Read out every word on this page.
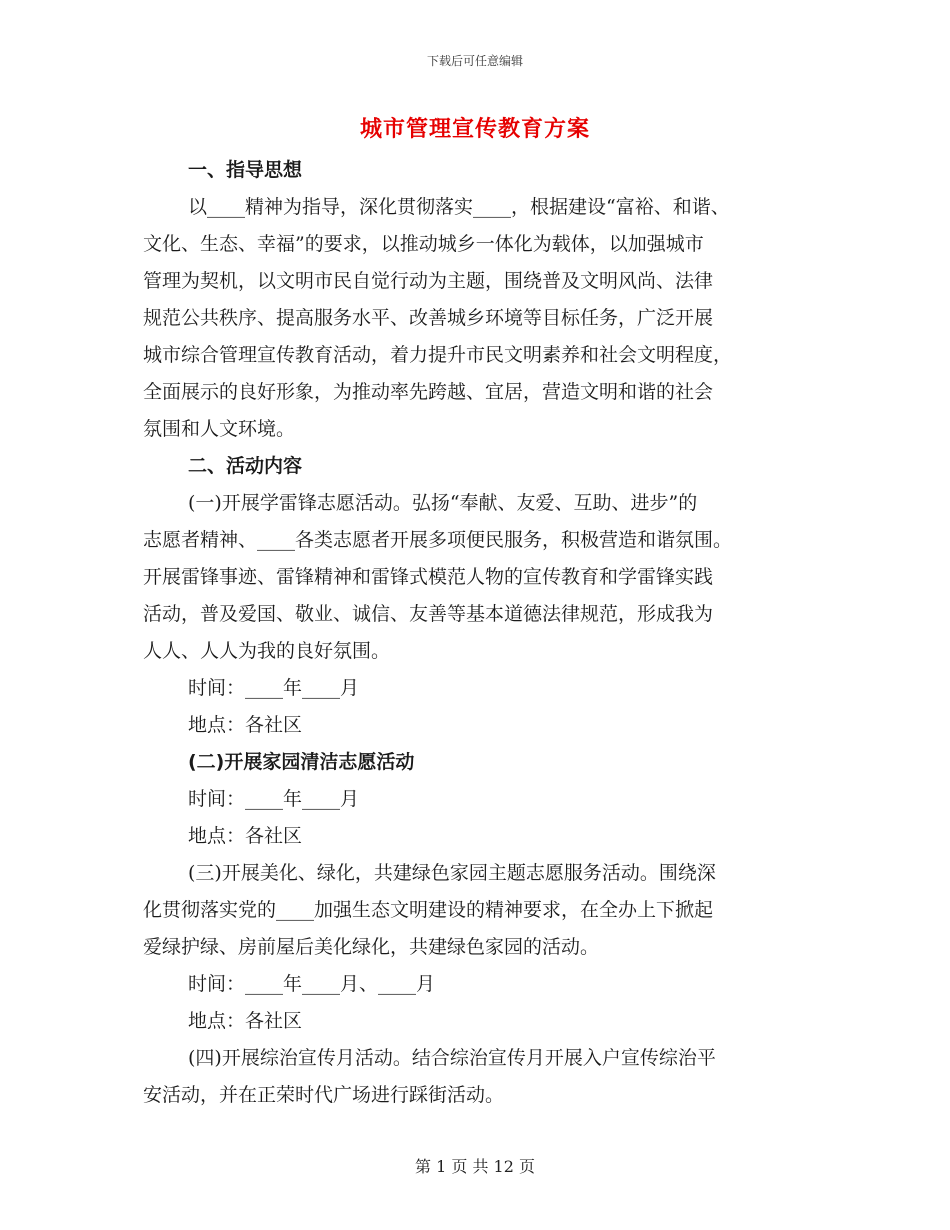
下载后可任意编辑
城市管理宣传教育方案
一、指导思想
以____精神为指导，深化贯彻落实____，根据建设“富裕、和谐、
文化、生态、幸福”的要求，以推动城乡一体化为载体，以加强城市
管理为契机，以文明市民自觉行动为主题，围绕普及文明风尚、法律
规范公共秩序、提高服务水平、改善城乡环境等目标任务，广泛开展
城市综合管理宣传教育活动，着力提升市民文明素养和社会文明程度，
全面展示的良好形象，为推动率先跨越、宜居，营造文明和谐的社会
氛围和人文环境。
二、活动内容
(一)开展学雷锋志愿活动。弘扬“奉献、友爱、互助、进步”的
志愿者精神、____各类志愿者开展多项便民服务，积极营造和谐氛围。
开展雷锋事迹、雷锋精神和雷锋式模范人物的宣传教育和学雷锋实践
活动，普及爱国、敬业、诚信、友善等基本道德法律规范，形成我为
人人、人人为我的良好氛围。
时间：____年____月
地点：各社区
(二)开展家园清洁志愿活动
时间：____年____月
地点：各社区
(三)开展美化、绿化，共建绿色家园主题志愿服务活动。围绕深
化贯彻落实党的____加强生态文明建设的精神要求，在全办上下掀起
爱绿护绿、房前屋后美化绿化，共建绿色家园的活动。
时间：____年____月、____月
地点：各社区
(四)开展综治宣传月活动。结合综治宣传月开展入户宣传综治平
安活动，并在正荣时代广场进行踩街活动。
第 1 页 共 12 页
